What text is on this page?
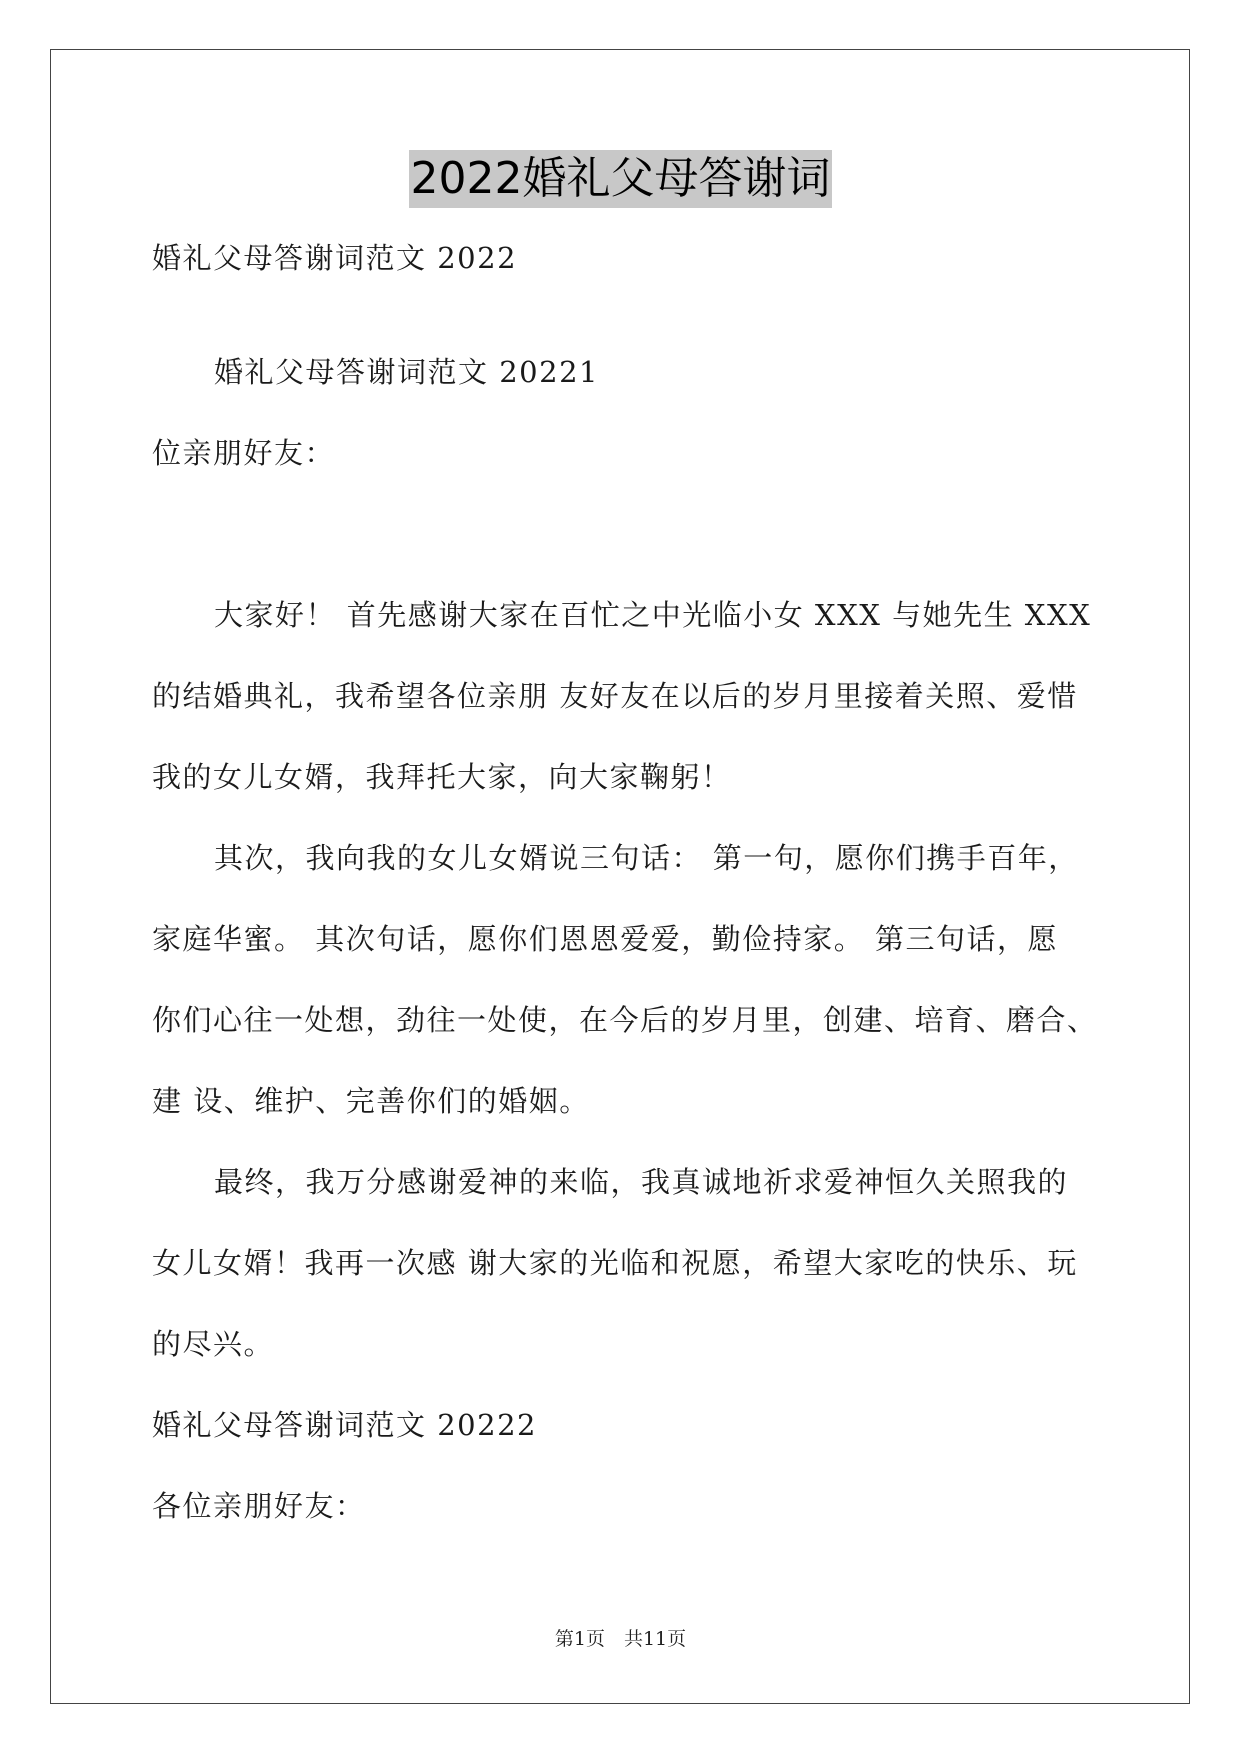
2022婚礼父母答谢词
婚礼父母答谢词范文 2022
婚礼父母答谢词范文 20221
位亲朋好友：
大家好！ 首先感谢大家在百忙之中光临小女 XXX 与她先生 XXX
的结婚典礼，我希望各位亲朋 友好友在以后的岁月里接着关照、爱惜
我的女儿女婿，我拜托大家，向大家鞠躬！
其次，我向我的女儿女婿说三句话： 第一句，愿你们携手百年，
家庭华蜜。 其次句话，愿你们恩恩爱爱，勤俭持家。 第三句话，愿
你们心往一处想，劲往一处使，在今后的岁月里，创建、培育、磨合、
建 设、维护、完善你们的婚姻。
最终，我万分感谢爱神的来临，我真诚地祈求爱神恒久关照我的
女儿女婿！我再一次感 谢大家的光临和祝愿，希望大家吃的快乐、玩
的尽兴。
婚礼父母答谢词范文 20222
各位亲朋好友：
第1页　共11页
